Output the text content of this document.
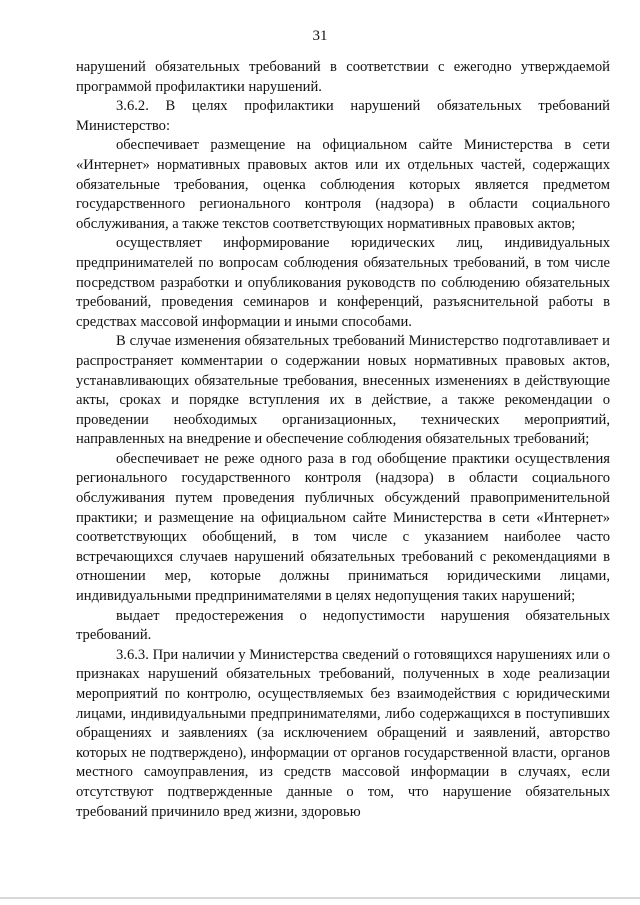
31

нарушений обязательных требований в соответствии с ежегодно утверждаемой программой профилактики нарушений.

3.6.2. В целях профилактики нарушений обязательных требований Министерство:

обеспечивает размещение на официальном сайте Министерства в сети «Интернет» нормативных правовых актов или их отдельных частей, содержащих обязательные требования, оценка соблюдения которых является предметом государственного регионального контроля (надзора) в области социального обслуживания, а также текстов соответствующих нормативных правовых актов;

осуществляет информирование юридических лиц, индивидуальных предпринимателей по вопросам соблюдения обязательных требований, в том числе посредством разработки и опубликования руководств по соблюдению обязательных требований, проведения семинаров и конференций, разъяснительной работы в средствах массовой информации и иными способами.

В случае изменения обязательных требований Министерство подготавливает и распространяет комментарии о содержании новых нормативных правовых актов, устанавливающих обязательные требования, внесенных изменениях в действующие акты, сроках и порядке вступления их в действие, а также рекомендации о проведении необходимых организационных, технических мероприятий, направленных на внедрение и обеспечение соблюдения обязательных требований;

обеспечивает не реже одного раза в год обобщение практики осуществления регионального государственного контроля (надзора) в области социального обслуживания путем проведения публичных обсуждений правоприменительной практики; и размещение на официальном сайте Министерства в сети «Интернет» соответствующих обобщений, в том числе с указанием наиболее часто встречающихся случаев нарушений обязательных требований с рекомендациями в отношении мер, которые должны приниматься юридическими лицами, индивидуальными предпринимателями в целях недопущения таких нарушений;

выдает предостережения о недопустимости нарушения обязательных требований.

3.6.3. При наличии у Министерства сведений о готовящихся нарушениях или о признаках нарушений обязательных требований, полученных в ходе реализации мероприятий по контролю, осуществляемых без взаимодействия с юридическими лицами, индивидуальными предпринимателями, либо содержащихся в поступивших обращениях и заявлениях (за исключением обращений и заявлений, авторство которых не подтверждено), информации от органов государственной власти, органов местного самоуправления, из средств массовой информации в случаях, если отсутствуют подтвержденные данные о том, что нарушение обязательных требований причинило вред жизни, здоровью
